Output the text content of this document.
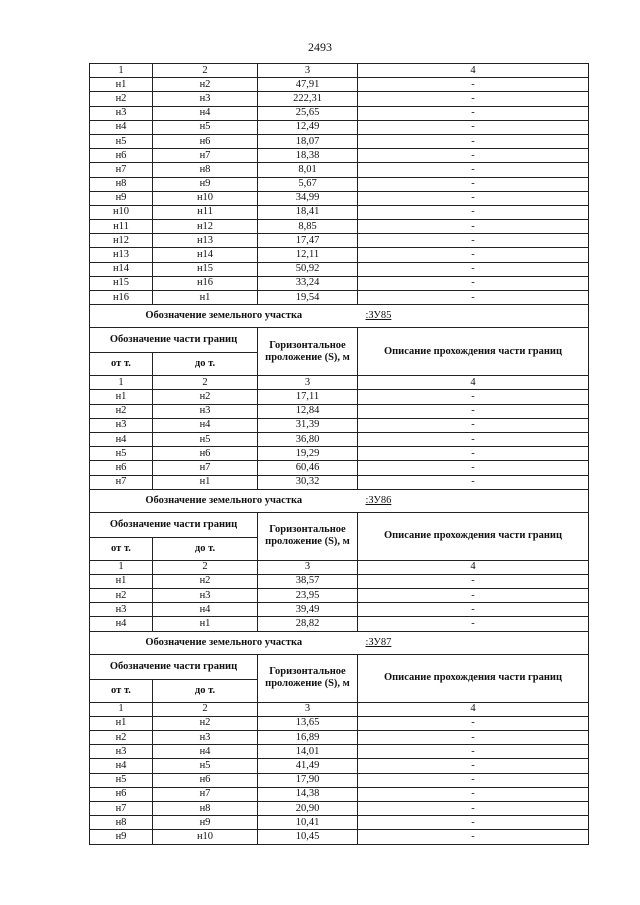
2493
1	2	3	4
н1	н2	47,91	-
н2	н3	222,31	-
н3	н4	25,65	-
н4	н5	12,49	-
н5	н6	18,07	-
н6	н7	18,38	-
н7	н8	8,01	-
н8	н9	5,67	-
н9	н10	34,99	-
н10	н11	18,41	-
н11	н12	8,85	-
н12	н13	17,47	-
н13	н14	12,11	-
н14	н15	50,92	-
н15	н16	33,24	-
н16	н1	19,54	-
Обозначение земельного участка			:ЗУ85
Обозначение части границ		Горизонтальное проложение (S), м	Описание прохождения части границ
от т.	до т.		
1	2	3	4
н1	н2	17,11	-
н2	н3	12,84	-
н3	н4	31,39	-
н4	н5	36,80	-
н5	н6	19,29	-
н6	н7	60,46	-
н7	н1	30,32	-
Обозначение земельного участка			:ЗУ86
Обозначение части границ		Горизонтальное проложение (S), м	Описание прохождения части границ
от т.	до т.		
1	2	3	4
н1	н2	38,57	-
н2	н3	23,95	-
н3	н4	39,49	-
н4	н1	28,82	-
Обозначение земельного участка			:ЗУ87
Обозначение части границ		Горизонтальное проложение (S), м	Описание прохождения части границ
от т.	до т.		
1	2	3	4
н1	н2	13,65	-
н2	н3	16,89	-
н3	н4	14,01	-
н4	н5	41,49	-
н5	н6	17,90	-
н6	н7	14,38	-
н7	н8	20,90	-
н8	н9	10,41	-
н9	н10	10,45	-
